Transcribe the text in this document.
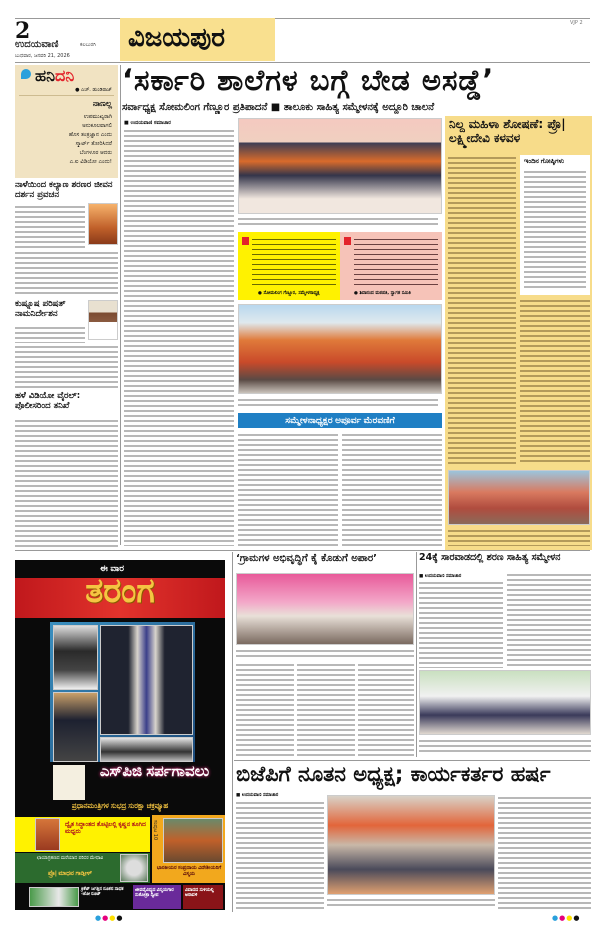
2
ಉದಯವಾಣಿ	ಕಲಬುರಗಿ
ಬುಧವಾರ, ಜನವರಿ 21, 2026
ವಿಜಯಪುರ	VJP 2
ಹನಿದನಿ
● ಎಚ್. ಡುಂಡಿರಾಜ್
ನಾಣಲ್ಲ
ಉಪಮುಖ್ಯರಾಗಿ
ಅನುಕೂಲವಾಗಲಿ
ಹೊಸ ತಂತ್ರಜ್ಞಾನ ಎಂದು
ಸ್ಮಾರ್ಟ್ ತೋರಿಸಿದರೆ
ಬೆಂಗಳೂರ ಆದರು
ಎ.ಐ ವಿಡಿಯೋ ಎಂದು!
ನಾಳೆಯಿಂದ ಕಲ್ಯಾಣ ಶರಣರ ಜೀವನ ದರ್ಶನ ಪ್ರವಚನ
ಕುಷ್ನೂಷ ಪರಿಷತ್ ನಾಮನಿರ್ದೇಶನ
ಹಳೆ ವಿಡಿಯೋ ವೈರಲ್: ಪೊಲೀಸರಿಂದ ತನಿಖೆ
‘ಸರ್ಕಾರಿ ಶಾಲೆಗಳ ಬಗ್ಗೆ ಬೇಡ ಅಸಡ್ಡೆ’
ಸರ್ವಾಧ್ಯಕ್ಷ ಸೋಮಲಿಂಗ ಗೆಣ್ಣೂರ ಪ್ರತಿಪಾದನೆ ■ ತಾಲೂಕು ಸಾಹಿತ್ಯ ಸಮ್ಮೇಳನಕ್ಕೆ ಅದ್ದೂರಿ ಚಾಲನೆ
■ ಉದಯವಾಣಿ ಸಮಾಚಾರ
● ಸೋಮಲಿಂಗ ಗೆಣ್ಣೂರ, ಸಮ್ಮೇಳನಾಧ್ಯಕ್ಷ	● ಶಿವಾನಂದ ಮಠಪತಿ, ಸ್ವಾಗತ ಸಮಿತಿ
ಸಮ್ಮೇಳನಾಧ್ಯಕ್ಷರ ಅಪೂರ್ವ ಮೆರವಣಿಗೆ
ನಿಲ್ದ ಮಹಿಳಾ ಶೋಷಣೆ: ಪ್ರೊ| ಲಕ್ಷ್ಮೀದೇವಿ ಕಳವಳ
ಇಂದಿನ ಗೋಷ್ಠಿಗಳು
ಈ ವಾರ
ತರಂಗ
ಎಸ್‌ಪಿಜಿ ಸರ್ಪಗಾವಲು
ಪ್ರಧಾನಮಂತ್ರಿಗಳ ಸುಭದ್ರ ಸುರಕ್ಷಾ ಚಕ್ರವ್ಯೂಹ
ದ್ವೈತ ಸಿದ್ಧಾಂತದ ತೊಟ್ಟಿಲಲ್ಲಿ ಕೃಷ್ಣನ ತೂಗಿದ ಮಧ್ವರು
ಛಾಯಾಗ್ರಹಣದ ಮರೆಯಾದ ಪರಿಸರ ಮೇಧಾವಿ
ಪ್ರೊ| ಮಾಧವ ಗಾಡ್ಗೀಳ್
ಭಾರತೀಯರ ಸಂಪ್ರದಾಯ ವಿದೇಶೀಯರಿಗೆ ವಿಸ್ಮಯ
ಸಂಪುಟ 10
ಕ್ರಿಕೆಟ್ ಜಗತ್ತಿನ ನೂತನ ಸಾಧಕ -ಜೋ ರೂಟ್
ಜೀವವೈವಿಧ್ಯದ ವಿಸ್ಮಯಗಾರ ಸುಕೋತ್ರಾ ದ್ವೀಪ
ವಿವಾದದ ಸುಳಿಯಲ್ಲಿ ಅರಾವಳಿ
‘ಗ್ರಾಮಗಳ ಅಭಿವೃದ್ಧಿಗೆ ಕೈ ಕೊಡುಗೆ ಅಪಾರ’	24ಕ್ಕೆ ಸಾರವಾಡದಲ್ಲಿ ಶರಣ ಸಾಹಿತ್ಯ ಸಮ್ಮೇಳನ
■ ಉದಯವಾಣಿ ಸಮಾಚಾರ
ಬಿಜೆಪಿಗೆ ನೂತನ ಅಧ್ಯಕ್ಷ; ಕಾರ್ಯಕರ್ತರ ಹರ್ಷ
■ ಉದಯವಾಣಿ ಸಮಾಚಾರ
●●●●	●●●●
